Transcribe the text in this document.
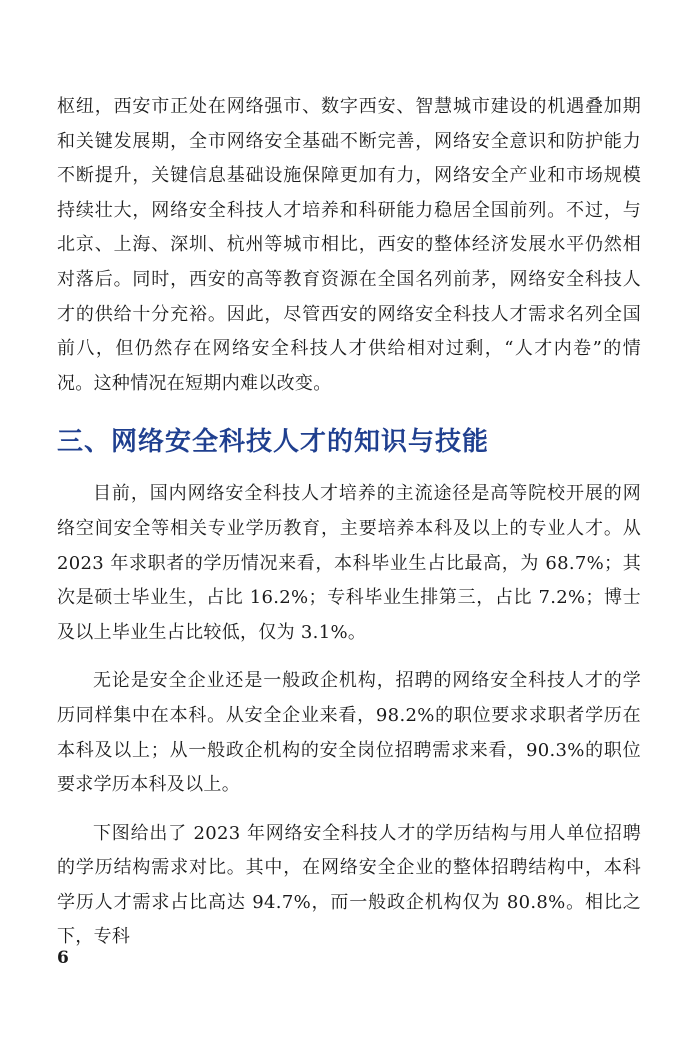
枢纽，西安市正处在网络强市、数字西安、智慧城市建设的机遇叠加期和关键发展期，全市网络安全基础不断完善，网络安全意识和防护能力不断提升，关键信息基础设施保障更加有力，网络安全产业和市场规模持续壮大，网络安全科技人才培养和科研能力稳居全国前列。不过，与北京、上海、深圳、杭州等城市相比，西安的整体经济发展水平仍然相对落后。同时，西安的高等教育资源在全国名列前茅，网络安全科技人才的供给十分充裕。因此，尽管西安的网络安全科技人才需求名列全国前八，但仍然存在网络安全科技人才供给相对过剩，“人才内卷”的情况。这种情况在短期内难以改变。

三、网络安全科技人才的知识与技能

目前，国内网络安全科技人才培养的主流途径是高等院校开展的网络空间安全等相关专业学历教育，主要培养本科及以上的专业人才。从2023 年求职者的学历情况来看，本科毕业生占比最高，为 68.7%；其次是硕士毕业生，占比 16.2%；专科毕业生排第三，占比 7.2%；博士及以上毕业生占比较低，仅为 3.1%。

无论是安全企业还是一般政企机构，招聘的网络安全科技人才的学历同样集中在本科。从安全企业来看，98.2%的职位要求求职者学历在本科及以上；从一般政企机构的安全岗位招聘需求来看，90.3%的职位要求学历本科及以上。

下图给出了 2023 年网络安全科技人才的学历结构与用人单位招聘的学历结构需求对比。其中，在网络安全企业的整体招聘结构中，本科学历人才需求占比高达 94.7%，而一般政企机构仅为 80.8%。相比之下，专科

6
